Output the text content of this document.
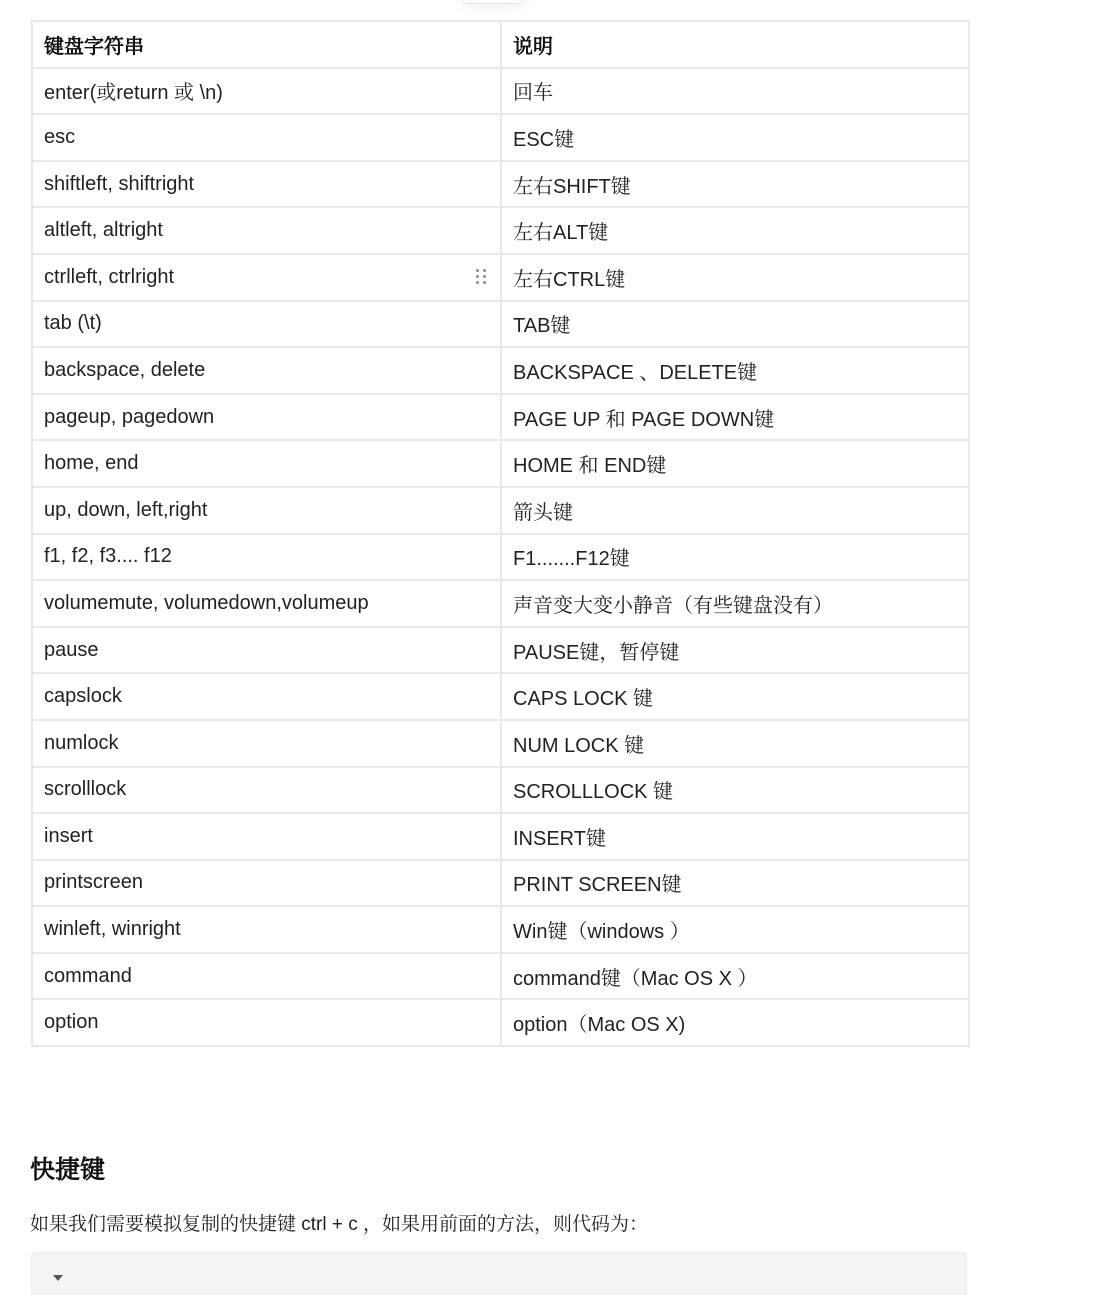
键盘字符串	说明
enter(或return 或 \n)	回车
esc	ESC键
shiftleft, shiftright	左右SHIFT键
altleft, altright	左右ALT键
ctrlleft, ctrlright	左右CTRL键
tab (\t)	TAB键
backspace, delete	BACKSPACE 、DELETE键
pageup, pagedown	PAGE UP 和 PAGE DOWN键
home, end	HOME 和 END键
up, down, left,right	箭头键
f1, f2, f3.... f12	F1.......F12键
volumemute, volumedown,volumeup	声音变大变小静音（有些键盘没有）
pause	PAUSE键，暂停键
capslock	CAPS LOCK 键
numlock	NUM LOCK 键
scrolllock	SCROLLLOCK 键
insert	INSERT键
printscreen	PRINT SCREEN键
winleft, winright	Win键（windows ）
command	command键（Mac OS X ）
option	option（Mac OS X)
快捷键

如果我们需要模拟复制的快捷键 ctrl + c ，如果用前面的方法，则代码为：
